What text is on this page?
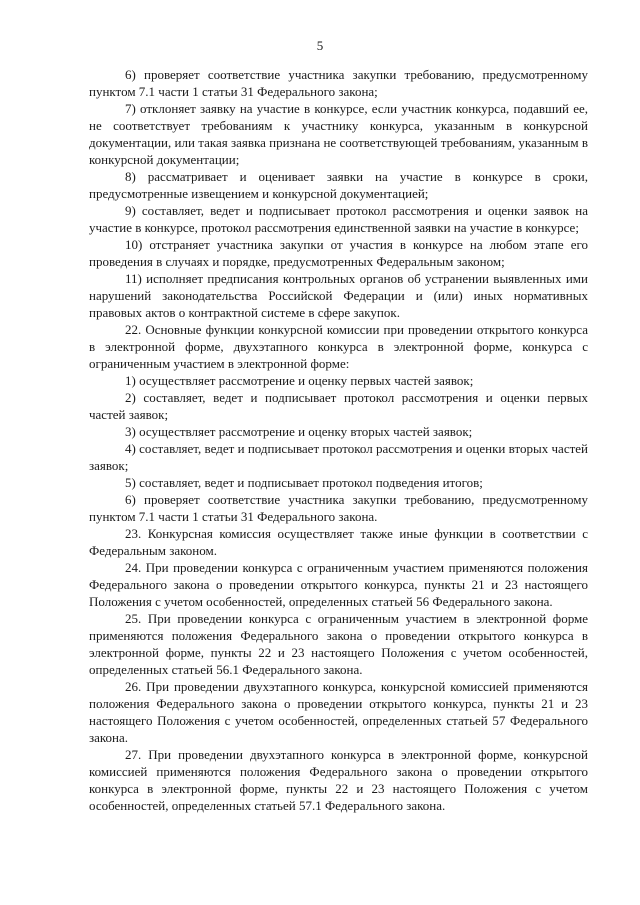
5

6) проверяет соответствие участника закупки требованию, предусмотренному пунктом 7.1 части 1 статьи 31 Федерального закона;

7) отклоняет заявку на участие в конкурсе, если участник конкурса, подавший ее, не соответствует требованиям к участнику конкурса, указанным в конкурсной документации, или такая заявка признана не соответствующей требованиям, указанным в конкурсной документации;

8) рассматривает и оценивает заявки на участие в конкурсе в сроки, предусмотренные извещением и конкурсной документацией;

9) составляет, ведет и подписывает протокол рассмотрения и оценки заявок на участие в конкурсе, протокол рассмотрения единственной заявки на участие в конкурсе;

10) отстраняет участника закупки от участия в конкурсе на любом этапе его проведения в случаях и порядке, предусмотренных Федеральным законом;

11) исполняет предписания контрольных органов об устранении выявленных ими нарушений законодательства Российской Федерации и (или) иных нормативных правовых актов о контрактной системе в сфере закупок.

22. Основные функции конкурсной комиссии при проведении открытого конкурса в электронной форме, двухэтапного конкурса в электронной форме, конкурса с ограниченным участием в электронной форме:

1) осуществляет рассмотрение и оценку первых частей заявок;

2) составляет, ведет и подписывает протокол рассмотрения и оценки первых частей заявок;

3) осуществляет рассмотрение и оценку вторых частей заявок;

4) составляет, ведет и подписывает протокол рассмотрения и оценки вторых частей заявок;

5) составляет, ведет и подписывает протокол подведения итогов;

6) проверяет соответствие участника закупки требованию, предусмотренному пунктом 7.1 части 1 статьи 31 Федерального закона.

23. Конкурсная комиссия осуществляет также иные функции в соответствии с Федеральным законом.

24. При проведении конкурса с ограниченным участием применяются положения Федерального закона о проведении открытого конкурса, пункты 21 и 23 настоящего Положения с учетом особенностей, определенных статьей 56 Федерального закона.

25. При проведении конкурса с ограниченным участием в электронной форме применяются положения Федерального закона о проведении открытого конкурса в электронной форме, пункты 22 и 23 настоящего Положения с учетом особенностей, определенных статьей 56.1 Федерального закона.

26. При проведении двухэтапного конкурса, конкурсной комиссией применяются положения Федерального закона о проведении открытого конкурса, пункты 21 и 23 настоящего Положения с учетом особенностей, определенных статьей 57 Федерального закона.

27. При проведении двухэтапного конкурса в электронной форме, конкурсной комиссией применяются положения Федерального закона о проведении открытого конкурса в электронной форме, пункты 22 и 23 настоящего Положения с учетом особенностей, определенных статьей 57.1 Федерального закона.
